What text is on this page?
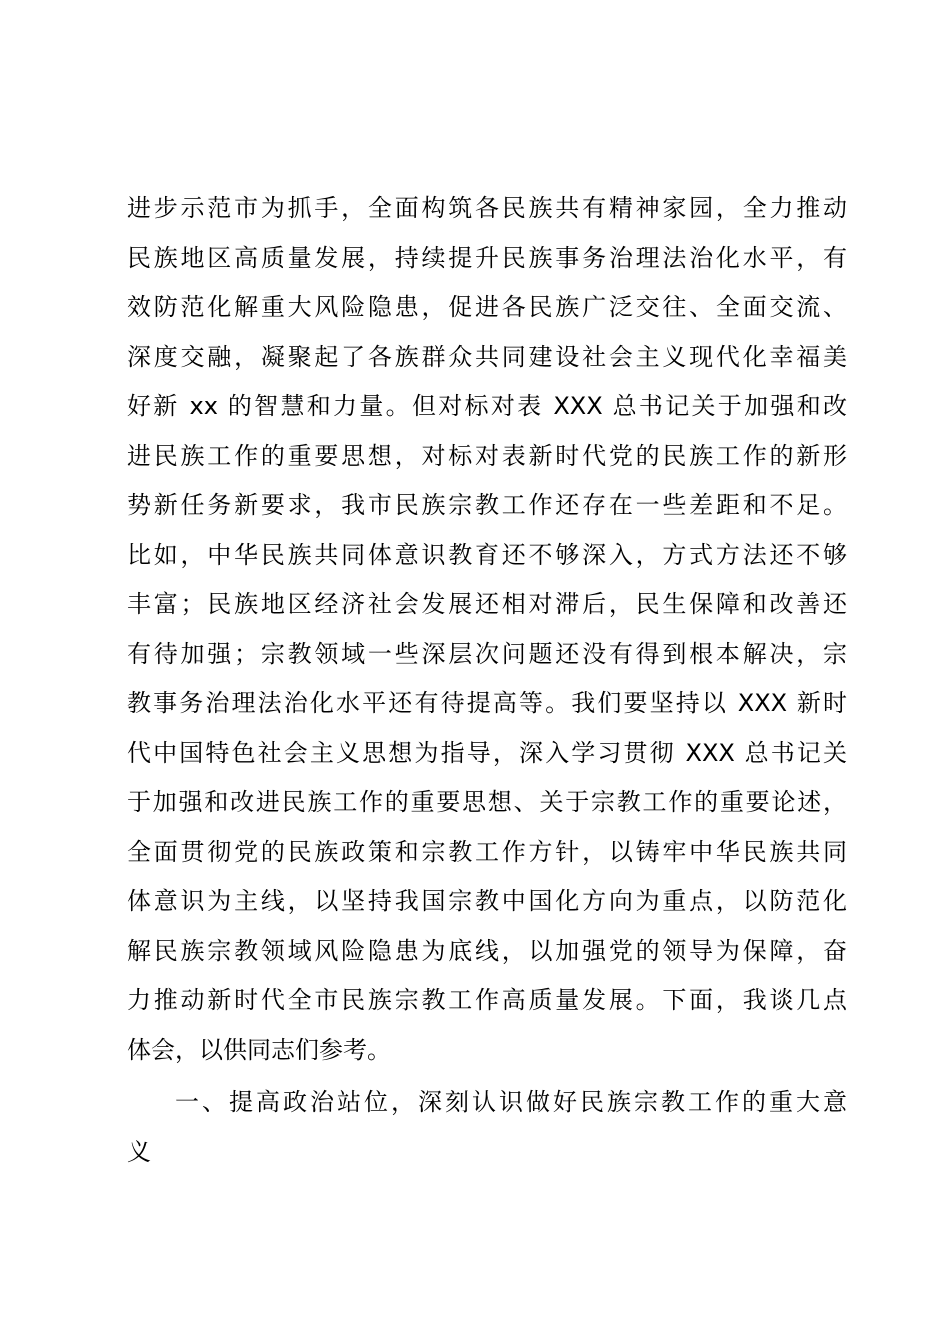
进步示范市为抓手，全面构筑各民族共有精神家园，全力推动
民族地区高质量发展，持续提升民族事务治理法治化水平，有
效防范化解重大风险隐患，促进各民族广泛交往、全面交流、
深度交融，凝聚起了各族群众共同建设社会主义现代化幸福美
好新 xx 的智慧和力量。但对标对表 XXX 总书记关于加强和改
进民族工作的重要思想，对标对表新时代党的民族工作的新形
势新任务新要求，我市民族宗教工作还存在一些差距和不足。
比如，中华民族共同体意识教育还不够深入，方式方法还不够
丰富；民族地区经济社会发展还相对滞后，民生保障和改善还
有待加强；宗教领域一些深层次问题还没有得到根本解决，宗
教事务治理法治化水平还有待提高等。我们要坚持以 XXX 新时
代中国特色社会主义思想为指导，深入学习贯彻 XXX 总书记关
于加强和改进民族工作的重要思想、关于宗教工作的重要论述，
全面贯彻党的民族政策和宗教工作方针，以铸牢中华民族共同
体意识为主线，以坚持我国宗教中国化方向为重点，以防范化
解民族宗教领域风险隐患为底线，以加强党的领导为保障，奋
力推动新时代全市民族宗教工作高质量发展。下面，我谈几点
体会，以供同志们参考。
一、提高政治站位，深刻认识做好民族宗教工作的重大意
义
